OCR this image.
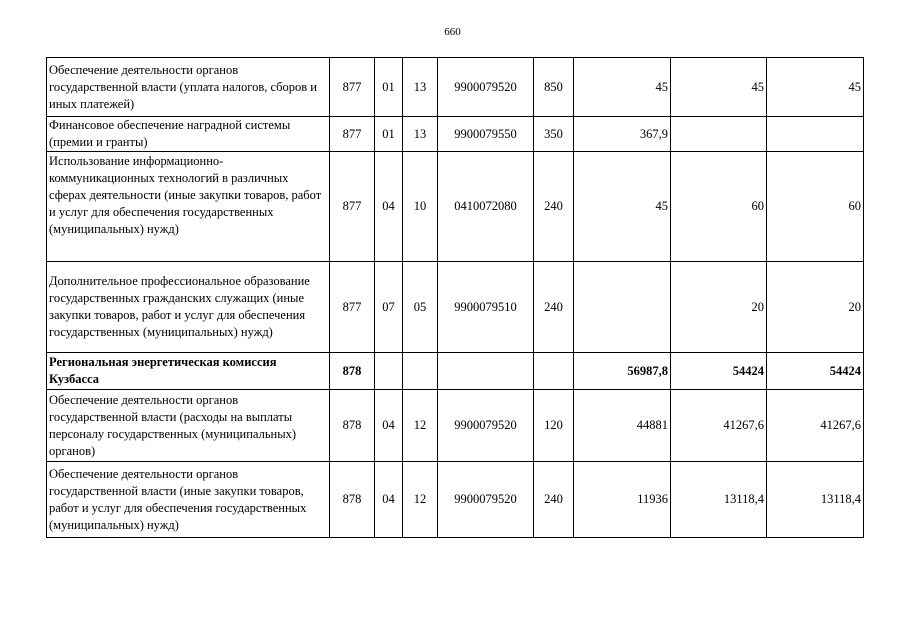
660
Обеспечение деятельности органов государственной власти (уплата налогов, сборов и иных платежей)	877	01	13	9900079520	850	45	45	45
Финансовое обеспечение наградной системы (премии и гранты)	877	01	13	9900079550	350	367,9		
Использование информационно-коммуникационных технологий в различных сферах деятельности (иные закупки товаров, работ и услуг для обеспечения государственных (муниципальных) нужд)	877	04	10	0410072080	240	45	60	60
Дополнительное профессиональное образование государственных гражданских служащих (иные закупки товаров, работ и услуг для обеспечения государственных (муниципальных) нужд)	877	07	05	9900079510	240		20	20
Региональная энергетическая комиссия Кузбасса	878					56987,8	54424	54424
Обеспечение деятельности органов государственной власти (расходы на выплаты персоналу государственных (муниципальных) органов)	878	04	12	9900079520	120	44881	41267,6	41267,6
Обеспечение деятельности органов государственной власти (иные закупки товаров, работ и услуг для обеспечения государственных (муниципальных) нужд)	878	04	12	9900079520	240	11936	13118,4	13118,4
